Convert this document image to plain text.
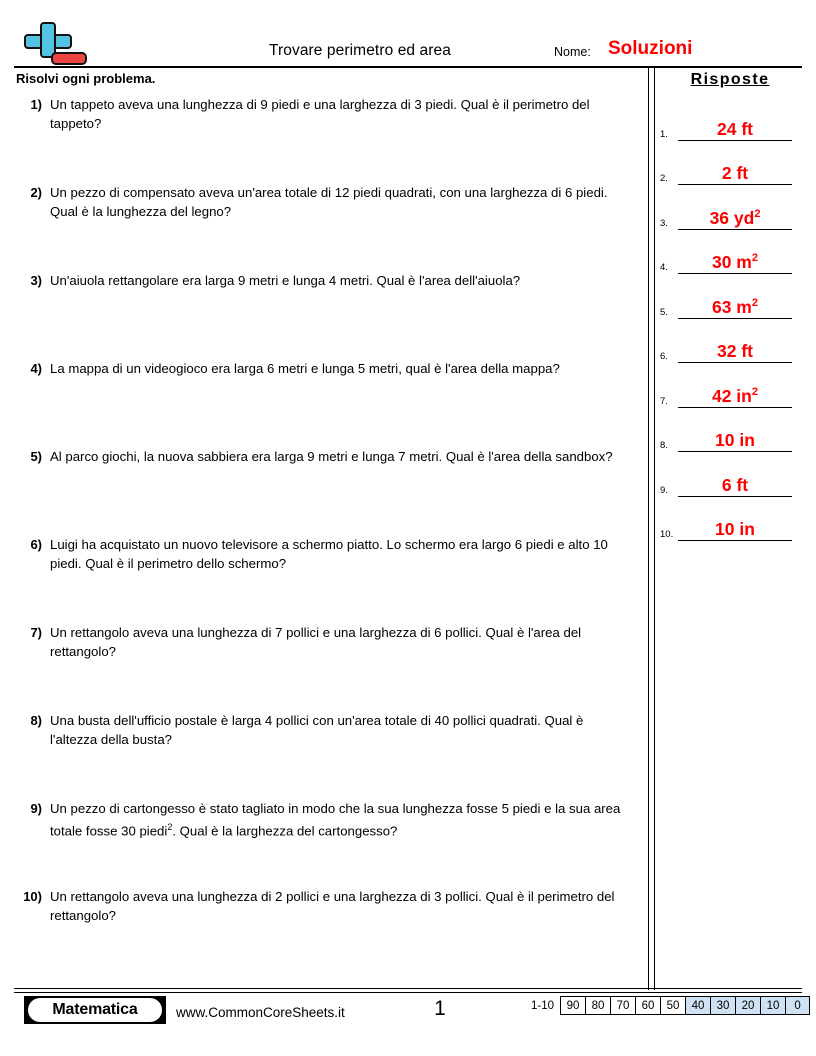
Trovare perimetro ed area	Nome: Soluzioni
Risolvi ogni problema.
1) Un tappeto aveva una lunghezza di 9 piedi e una larghezza di 3 piedi. Qual è il perimetro del tappeto?
2) Un pezzo di compensato aveva un'area totale di 12 piedi quadrati, con una larghezza di 6 piedi. Qual è la lunghezza del legno?
3) Un'aiuola rettangolare era larga 9 metri e lunga 4 metri. Qual è l'area dell'aiuola?
4) La mappa di un videogioco era larga 6 metri e lunga 5 metri, qual è l'area della mappa?
5) Al parco giochi, la nuova sabbiera era larga 9 metri e lunga 7 metri. Qual è l'area della sandbox?
6) Luigi ha acquistato un nuovo televisore a schermo piatto. Lo schermo era largo 6 piedi e alto 10 piedi. Qual è il perimetro dello schermo?
7) Un rettangolo aveva una lunghezza di 7 pollici e una larghezza di 6 pollici. Qual è l'area del rettangolo?
8) Una busta dell'ufficio postale è larga 4 pollici con un'area totale di 40 pollici quadrati. Qual è l'altezza della busta?
9) Un pezzo di cartongesso è stato tagliato in modo che la sua lunghezza fosse 5 piedi e la sua area totale fosse 30 piedi$^2$. Qual è la larghezza del cartongesso?
10) Un rettangolo aveva una lunghezza di 2 pollici e una larghezza di 3 pollici. Qual è il perimetro del rettangolo?
Risposte
1.	24 ft
2.	2 ft
3.	36 $yd^2$
4.	30 $m^2$
5.	63 $m^2$
6.	32 ft
7.	42 $in^2$
8.	10 in
9.	6 ft
10.	10 in
Matematica	www.CommonCoreSheets.it	1	1-10	90	80	70	60	50	40	30	20	10	0
